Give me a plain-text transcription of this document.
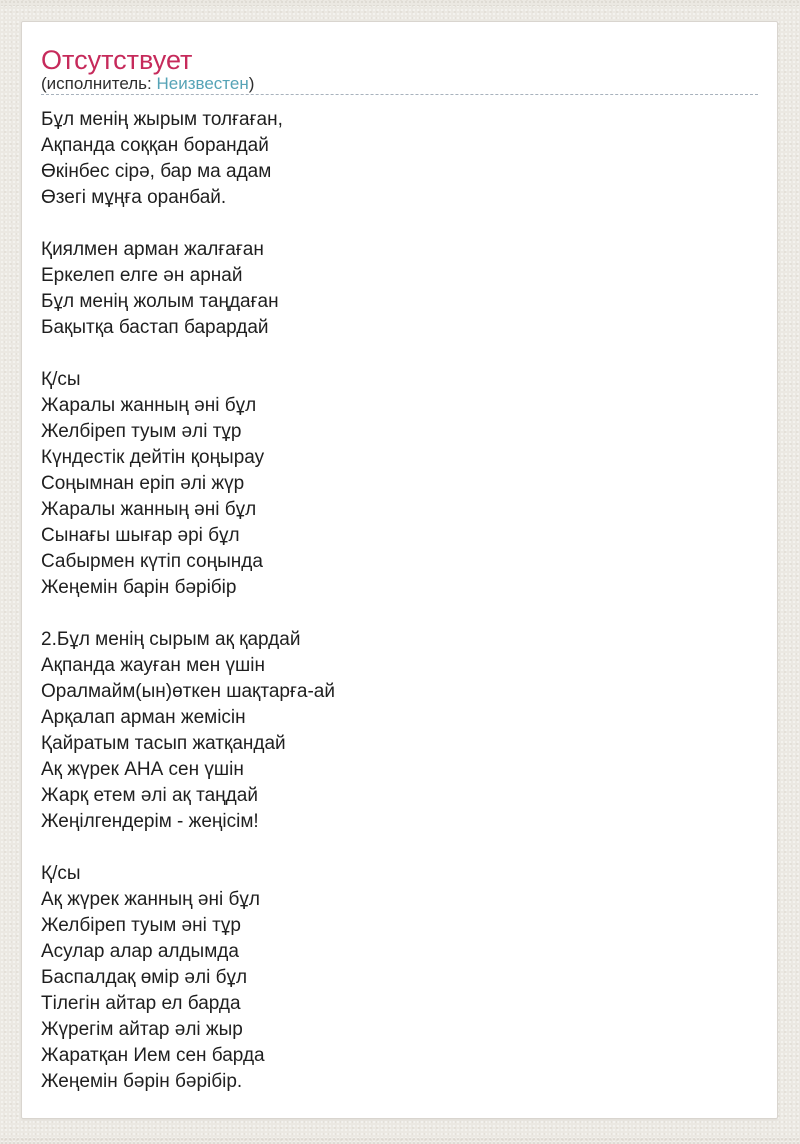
Отсутствует
(исполнитель: Неизвестен)
Бұл менің жырым толғаған,
Ақпанда соққан борандай
Өкінбес сірә, бар ма адам
Өзегі мұңға оранбай.
Қиялмен арман жалғаған
Еркелеп елге ән арнай
Бұл менің жолым таңдаған
Бақытқа бастап барардай
Қ/сы
Жаралы жанның әні бұл
Желбіреп туым әлі тұр
Күндестік дейтін қоңырау
Соңымнан еріп әлі жүр
Жаралы жанның әні бұл
Сынағы шығар әрі бұл
Сабырмен күтіп соңында
Жеңемін барін бәрібір
2.Бұл менің сырым ақ қардай
Ақпанда жауған мен үшін
Оралмайм(ын)өткен шақтарға-ай
Арқалап арман жемісін
Қайратым тасып жатқандай
Ақ жүрек АНА сен үшін
Жарқ етем әлі ақ таңдай
Жеңілгендерім - жеңісім!
Қ/сы
Ақ жүрек жанның әні бұл
Желбіреп туым әні тұр
Асулар алар алдымда
Баспалдақ өмір әлі бұл
Тілегін айтар ел барда
Жүрегім айтар әлі жыр
Жаратқан Ием сен барда
Жеңемін бәрін бәрібір.
